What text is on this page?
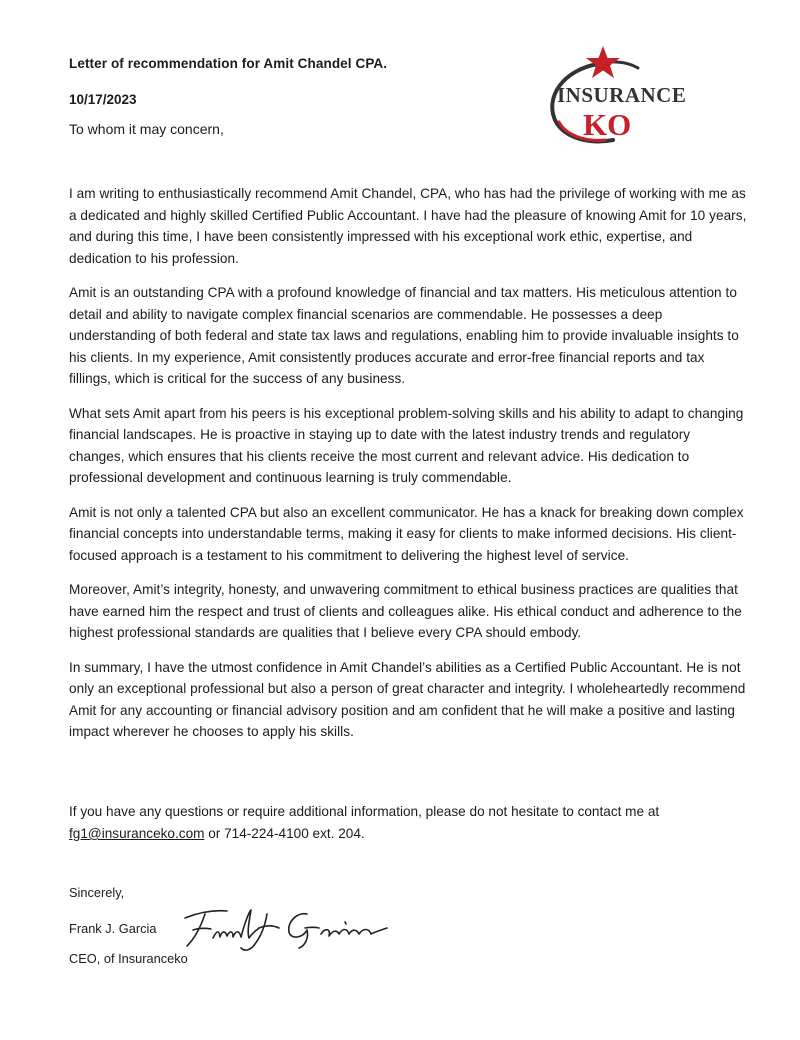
Letter of recommendation for Amit Chandel CPA.
10/17/2023
To whom it may concern,
INSURANCE
KO

I am writing to enthusiastically recommend Amit Chandel, CPA, who has had the privilege of working with me as a dedicated and highly skilled Certified Public Accountant. I have had the pleasure of knowing Amit for 10 years, and during this time, I have been consistently impressed with his exceptional work ethic, expertise, and dedication to his profession.

Amit is an outstanding CPA with a profound knowledge of financial and tax matters. His meticulous attention to detail and ability to navigate complex financial scenarios are commendable. He possesses a deep understanding of both federal and state tax laws and regulations, enabling him to provide invaluable insights to his clients. In my experience, Amit consistently produces accurate and error-free financial reports and tax fillings, which is critical for the success of any business.

What sets Amit apart from his peers is his exceptional problem-solving skills and his ability to adapt to changing financial landscapes. He is proactive in staying up to date with the latest industry trends and regulatory changes, which ensures that his clients receive the most current and relevant advice. His dedication to professional development and continuous learning is truly commendable.

Amit is not only a talented CPA but also an excellent communicator. He has a knack for breaking down complex financial concepts into understandable terms, making it easy for clients to make informed decisions. His client-focused approach is a testament to his commitment to delivering the highest level of service.

Moreover, Amit’s integrity, honesty, and unwavering commitment to ethical business practices are qualities that have earned him the respect and trust of clients and colleagues alike. His ethical conduct and adherence to the highest professional standards are qualities that I believe every CPA should embody.

In summary, I have the utmost confidence in Amit Chandel’s abilities as a Certified Public Accountant. He is not only an exceptional professional but also a person of great character and integrity. I wholeheartedly recommend Amit for any accounting or financial advisory position and am confident that he will make a positive and lasting impact wherever he chooses to apply his skills.

If you have any questions or require additional information, please do not hesitate to contact me at
fg1@insuranceko.com or 714-224-4100 ext. 204.
Sincerely,
Frank J. Garcia
CEO, of Insuranceko
